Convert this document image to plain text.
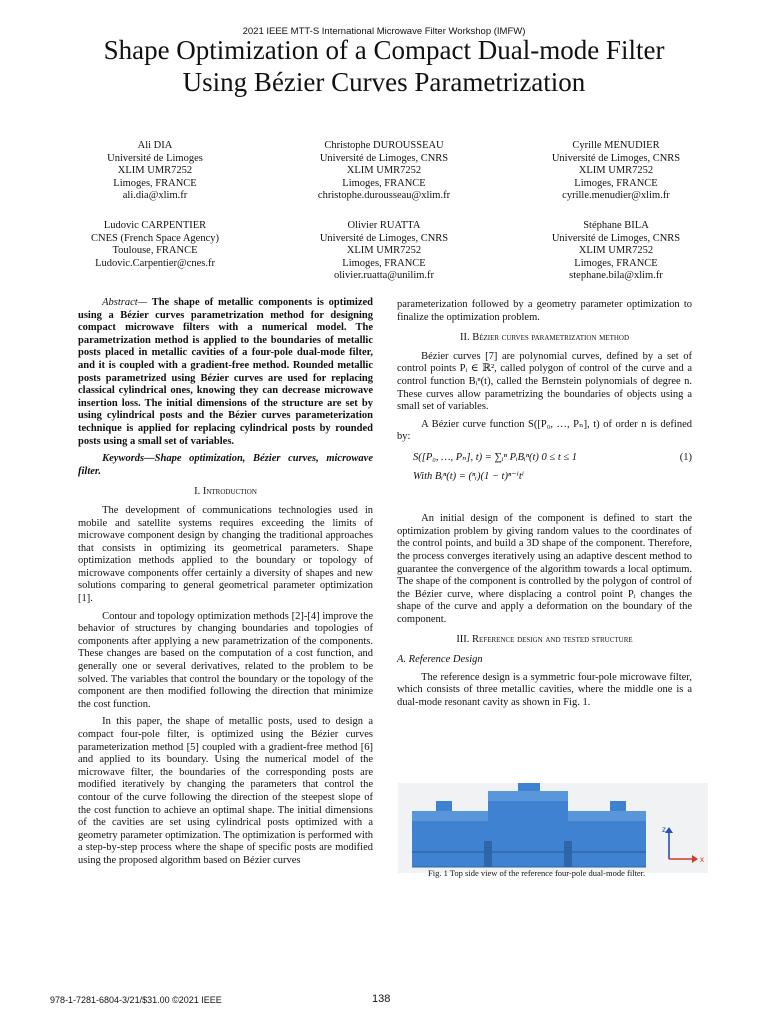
2021 IEEE MTT-S International Microwave Filter Workshop (IMFW)
Shape Optimization of a Compact Dual-mode Filter
Using Bézier Curves Parametrization
Ali DIA
Université de Limoges
XLIM UMR7252
Limoges, FRANCE
ali.dia@xlim.fr
Christophe DUROUSSEAU
Université de Limoges, CNRS
XLIM UMR7252
Limoges, FRANCE
christophe.durousseau@xlim.fr
Cyrille MENUDIER
Université de Limoges, CNRS
XLIM UMR7252
Limoges, FRANCE
cyrille.menudier@xlim.fr
Ludovic CARPENTIER
CNES (French Space Agency)
Toulouse, FRANCE
Ludovic.Carpentier@cnes.fr
Olivier RUATTA
Université de Limoges, CNRS
XLIM UMR7252
Limoges, FRANCE
olivier.ruatta@unilim.fr
Stéphane BILA
Université de Limoges, CNRS
XLIM UMR7252
Limoges, FRANCE
stephane.bila@xlim.fr

Abstract— The shape of metallic components is optimized using a Bézier curves parametrization method for designing compact microwave filters with a numerical model. The parametrization method is applied to the boundaries of metallic posts placed in metallic cavities of a four-pole dual-mode filter, and it is coupled with a gradient-free method. Rounded metallic posts parametrized using Bézier curves are used for replacing classical cylindrical ones, knowing they can decrease microwave insertion loss. The initial dimensions of the structure are set by using cylindrical posts and the Bézier curves parameterization technique is applied for replacing cylindrical posts by rounded posts using a small set of variables.

Keywords—Shape optimization, Bézier curves, microwave filter.

I. Introduction

The development of communications technologies used in mobile and satellite systems requires exceeding the limits of microwave component design by changing the traditional approaches that consists in optimizing its geometrical parameters. Shape optimization methods applied to the boundary or topology of microwave components offer certainly a diversity of shapes and new solutions comparing to general geometrical parameter optimization [1].

Contour and topology optimization methods [2]-[4] improve the behavior of structures by changing boundaries and topologies of components after applying a new parametrization of the components. These changes are based on the computation of a cost function, and generally one or several derivatives, related to the problem to be solved. The variables that control the boundary or the topology of the component are then modified following the direction that minimize the cost function.

In this paper, the shape of metallic posts, used to design a compact four-pole filter, is optimized using the Bézier curves parameterization method [5] coupled with a gradient-free method [6] and applied to its boundary. Using the numerical model of the microwave filter, the boundaries of the corresponding posts are modified iteratively by changing the parameters that control the contour of the curve following the direction of the steepest slope of the cost function to achieve an optimal shape. The initial dimensions of the cavities are set using cylindrical posts optimized with a geometry parameter optimization. The optimization is performed with a step-by-step process where the shape of specific posts are modified using the proposed algorithm based on Bézier curves

parameterization followed by a geometry parameter optimization to finalize the optimization problem.

II. Bézier curves parametrization method

Bézier curves [7] are polynomial curves, defined by a set of control points Pᵢ ∈ ℝ², called polygon of control of the curve and a control function Bᵢⁿ(t), called the Bernstein polynomials of degree n. These curves allow parametrizing the boundaries of objects using a small set of variables.

A Bézier curve function S([P₀, …, Pₙ], t) of order n is defined by:

S([P₀, …, Pₙ], t) = ∑ᵢⁿ PᵢBᵢⁿ(t) 0 ≤ t ≤ 1	(1)
With Bᵢⁿ(t) = (ⁿᵢ)(1 − t)ⁿ⁻ⁱtⁱ

An initial design of the component is defined to start the optimization problem by giving random values to the coordinates of the control points, and build a 3D shape of the component. Therefore, the process converges iteratively using an adaptive descent method to guarantee the convergence of the algorithm towards a local optimum. The shape of the component is controlled by the polygon of control of the Bézier curve, where displacing a control point Pᵢ changes the shape of the curve and apply a deformation on the boundary of the component.

III. Reference design and tested structure
A. Reference Design

The reference design is a symmetric four-pole microwave filter, which consists of three metallic cavities, where the middle one is a dual-mode resonant cavity as shown in Fig. 1.

z
x
Fig. 1 Top side view of the reference four-pole dual-mode filter.
978-1-7281-6804-3/21/$31.00 ©2021 IEEE	138
